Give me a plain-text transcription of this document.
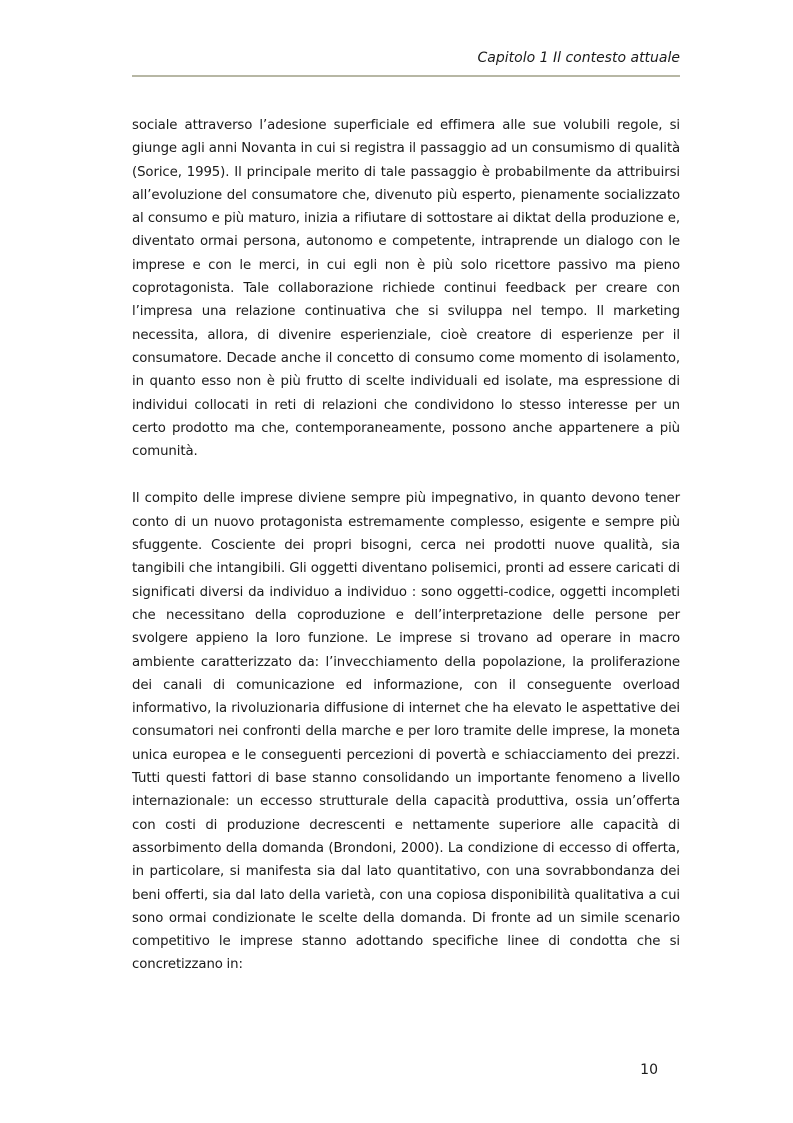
Capitolo 1 Il contesto attuale

sociale attraverso l’adesione superficiale ed effimera alle sue volubili regole, si giunge agli anni Novanta in cui si registra il passaggio ad un consumismo di qualità (Sorice, 1995). Il principale merito di tale passaggio è probabilmente da attribuirsi all’evoluzione del consumatore che, divenuto più esperto, pienamente socializzato al consumo e più maturo, inizia a rifiutare di sottostare ai diktat della produzione e, diventato ormai persona, autonomo e competente, intraprende un dialogo con le imprese e con le merci, in cui egli non è più solo ricettore passivo ma pieno coprotagonista. Tale collaborazione richiede continui feedback per creare con l’impresa una relazione continuativa che si sviluppa nel tempo. Il marketing necessita, allora, di divenire esperienziale, cioè creatore di esperienze per il consumatore. Decade anche il concetto di consumo come momento di isolamento, in quanto esso non è più frutto di scelte individuali ed isolate, ma espressione di individui collocati in reti di relazioni che condividono lo stesso interesse per un certo prodotto ma che, contemporaneamente, possono anche appartenere a più comunità.

Il compito delle imprese diviene sempre più impegnativo, in quanto devono tener conto di un nuovo protagonista estremamente complesso, esigente e sempre più sfuggente. Cosciente dei propri bisogni, cerca nei prodotti nuove qualità, sia tangibili che intangibili. Gli oggetti diventano polisemici, pronti ad essere caricati di significati diversi da individuo a individuo : sono oggetti-codice, oggetti incompleti che necessitano della coproduzione e dell’interpretazione delle persone per svolgere appieno la loro funzione. Le imprese si trovano ad operare in macro ambiente caratterizzato da: l’invecchiamento della popolazione, la proliferazione dei canali di comunicazione ed informazione, con il conseguente overload informativo, la rivoluzionaria diffusione di internet che ha elevato le aspettative dei consumatori nei confronti della marche e per loro tramite delle imprese, la moneta unica europea e le conseguenti percezioni di povertà e schiacciamento dei prezzi. Tutti questi fattori di base stanno consolidando un importante fenomeno a livello internazionale: un eccesso strutturale della capacità produttiva, ossia un’offerta con costi di produzione decrescenti e nettamente superiore alle capacità di assorbimento della domanda (Brondoni, 2000). La condizione di eccesso di offerta, in particolare, si manifesta sia dal lato quantitativo, con una sovrabbondanza dei beni offerti, sia dal lato della varietà, con una copiosa disponibilità qualitativa a cui sono ormai condizionate le scelte della domanda. Di fronte ad un simile scenario competitivo le imprese stanno adottando specifiche linee di condotta che si concretizzano in:

10
